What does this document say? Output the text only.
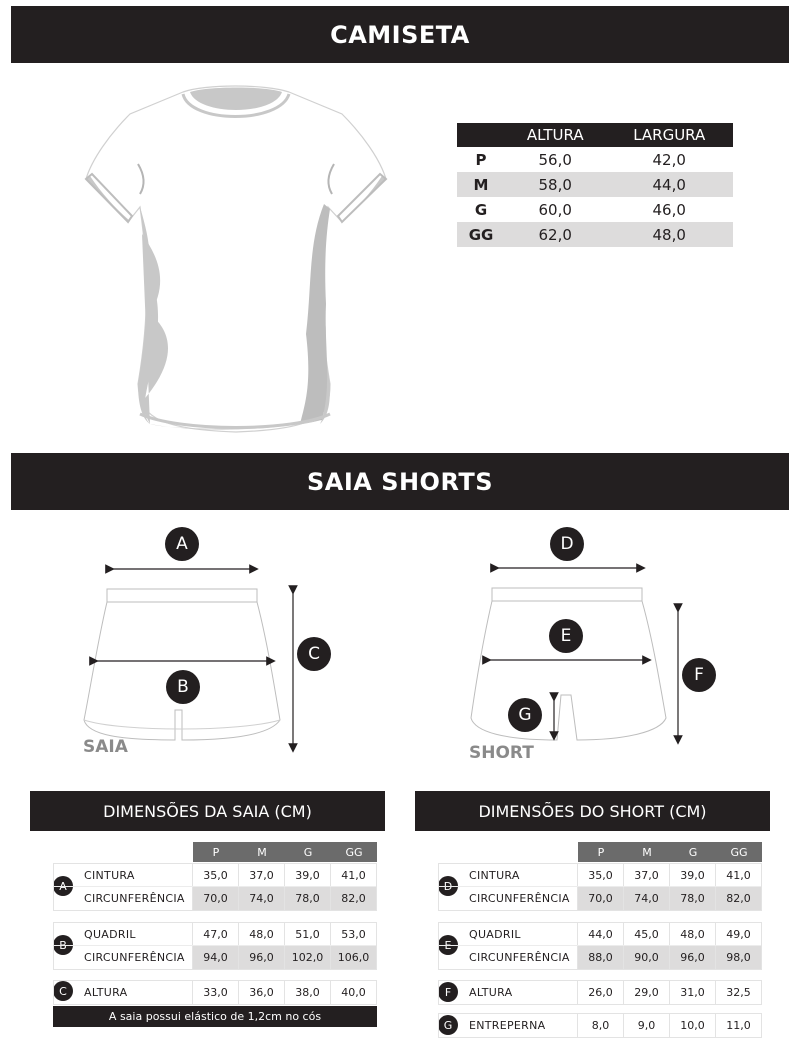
CAMISETA
	ALTURA	LARGURA
P	56,0	42,0
M	58,0	44,0
G	60,0	46,0
GG	62,0	48,0
SAIA SHORTS
A
B
C
D
E
F
G
SAIA	SHORT
DIMENSÕES DA SAIA (CM)	DIMENSÕES DO SHORT (CM)
P	M	G	GG
A
CINTURA	35,0	37,0	39,0	41,0
CIRCUNFERÊNCIA	70,0	74,0	78,0	82,0
B
QUADRIL	47,0	48,0	51,0	53,0
CIRCUNFERÊNCIA	94,0	96,0	102,0	106,0
C	ALTURA	33,0	36,0	38,0	40,0
A saia possui elástico de 1,2cm no cós
P	M	G	GG
D
CINTURA	35,0	37,0	39,0	41,0
CIRCUNFERÊNCIA	70,0	74,0	78,0	82,0
E
QUADRIL	44,0	45,0	48,0	49,0
CIRCUNFERÊNCIA	88,0	90,0	96,0	98,0
F	ALTURA	26,0	29,0	31,0	32,5
G	ENTREPERNA	8,0	9,0	10,0	11,0
